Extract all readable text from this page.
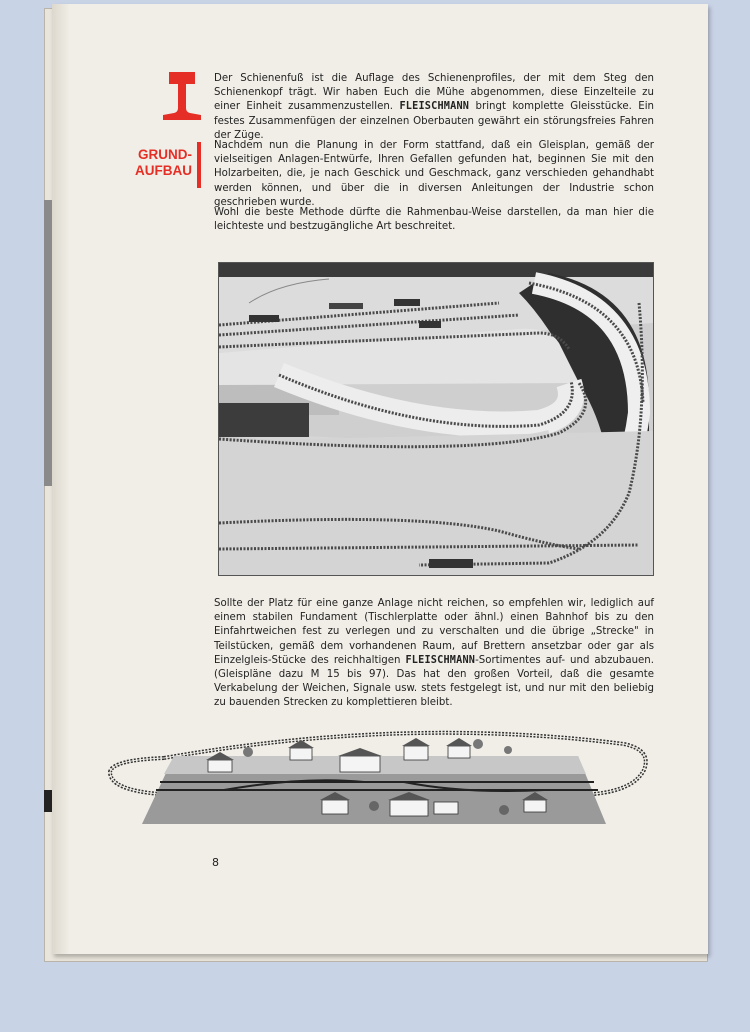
GRUND-
AUFBAU

Der Schienenfuß ist die Auflage des Schienenprofiles, der mit dem Steg den Schienenkopf trägt. Wir haben Euch die Mühe abgenommen, diese Einzelteile zu einer Einheit zusammenzustellen. FLEISCHMANN bringt komplette Gleisstücke. Ein festes Zusammenfügen der einzelnen Oberbauten gewährt ein störungsfreies Fahren der Züge.

Nachdem nun die Planung in der Form stattfand, daß ein Gleisplan, gemäß der vielseitigen Anlagen-Entwürfe, Ihren Gefallen gefunden hat, beginnen Sie mit den Holzarbeiten, die, je nach Geschick und Geschmack, ganz verschieden gehandhabt werden können, und über die in diversen Anleitungen der Industrie schon geschrieben wurde.

Wohl die beste Methode dürfte die Rahmenbau-Weise darstellen, da man hier die leichteste und bestzugängliche Art beschreitet.

Sollte der Platz für eine ganze Anlage nicht reichen, so empfehlen wir, lediglich auf einem stabilen Fundament (Tischlerplatte oder ähnl.) einen Bahnhof bis zu den Einfahrtweichen fest zu verlegen und zu verschalten und die übrige „Strecke" in Teilstücken, gemäß dem vorhandenen Raum, auf Brettern ansetzbar oder gar als Einzelgleis-Stücke des reichhaltigen FLEISCHMANN-Sortimentes auf- und abzubauen. (Gleispläne dazu M 15 bis 97). Das hat den großen Vorteil, daß die gesamte Verkabelung der Weichen, Signale usw. stets festgelegt ist, und nur mit den beliebig zu bauenden Strecken zu komplettieren bleibt.

8
